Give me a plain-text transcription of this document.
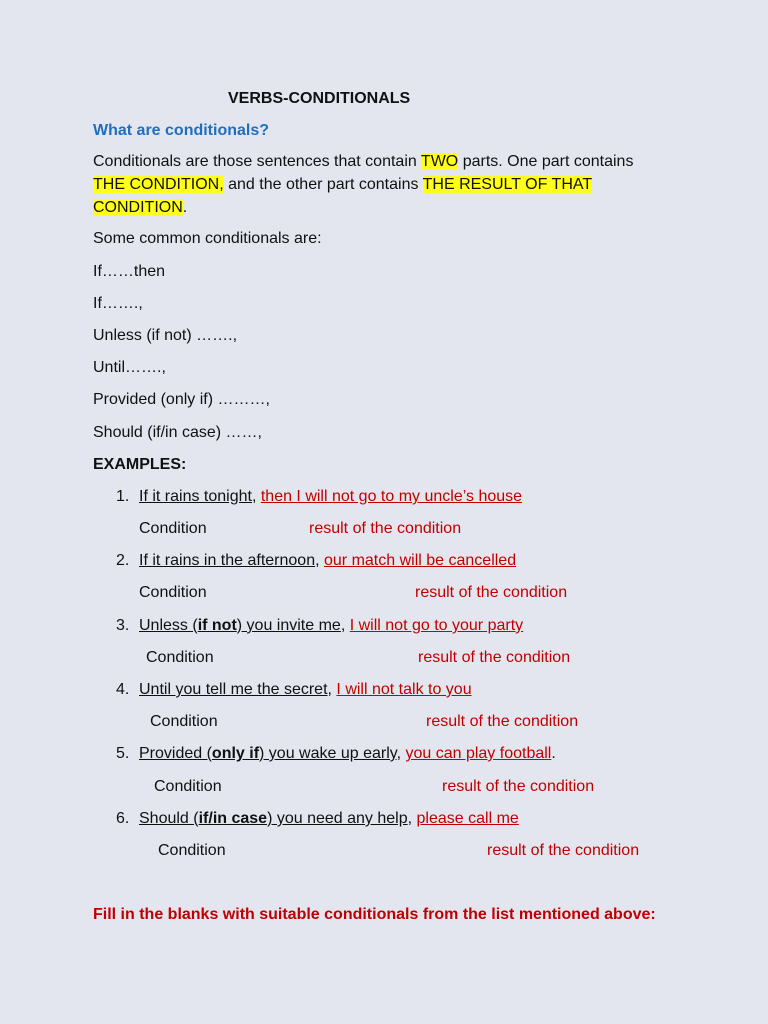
VERBS-CONDITIONALS
What are conditionals?
Conditionals are those sentences that contain TWO parts. One part contains
THE CONDITION, and the other part contains THE RESULT OF THAT
CONDITION.
Some common conditionals are:
If……then
If…….,
Unless (if not) …….,
Until…….,
Provided (only if) ………,
Should (if/in case) ……,
EXAMPLES:
1. If it rains tonight, then I will not go to my uncle’s house
Condition	result of the condition
2. If it rains in the afternoon, our match will be cancelled
Condition	result of the condition
3. Unless (if not) you invite me, I will not go to your party
Condition	result of the condition
4. Until you tell me the secret, I will not talk to you
Condition	result of the condition
5. Provided (only if) you wake up early, you can play football.
Condition	result of the condition
6. Should (if/in case) you need any help, please call me
Condition	result of the condition
Fill in the blanks with suitable conditionals from the list mentioned above:
